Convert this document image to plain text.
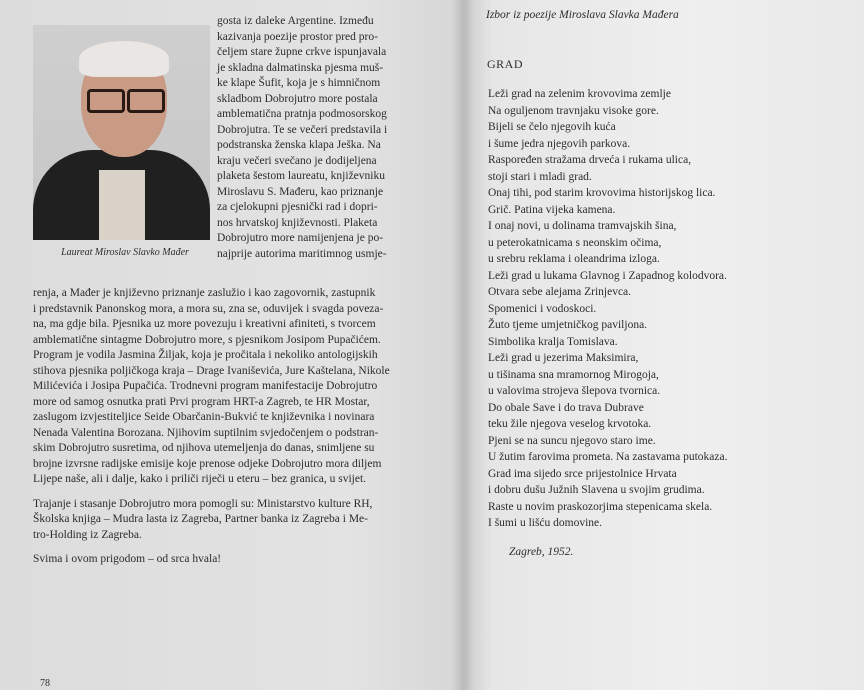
Laureat Miroslav Slavko Mađer
gosta iz daleke Argentine. Između
kazivanja poezije prostor pred pro-
čeljem stare župne crkve ispunjavala
je skladna dalmatinska pjesma muš-
ke klape Šufit, koja je s himničnom
skladbom Dobrojutro more postala
amblematična pratnja podmosorskog
Dobrojutra. Te se večeri predstavila i
podstranska ženska klapa Ješka. Na
kraju večeri svečano je dodijeljena
plaketa šestom laureatu, književniku
Miroslavu S. Mađeru, kao priznanje
za cjelokupni pjesnički rad i dopri-
nos hrvatskoj književnosti. Plaketa
Dobrojutro more namijenjena je po-
najprije autorima maritimnog usmje-
renja, a Mađer je književno priznanje zaslužio i kao zagovornik, zastupnik
i predstavnik Panonskog mora, a mora su, zna se, oduvijek i svagda poveza-
na, ma gdje bila. Pjesnika uz more povezuju i kreativni afiniteti, s tvorcem
amblematične sintagme Dobrojutro more, s pjesnikom Josipom Pupačićem.
Program je vodila Jasmina Žiljak, koja je pročitala i nekoliko antologijskih
stihova pjesnika poljičkoga kraja – Drage Ivaniševića, Jure Kaštelana, Nikole
Milićevića i Josipa Pupačića. Trodnevni program manifestacije Dobrojutro
more od samog osnutka prati Prvi program HRT-a Zagreb, te HR Mostar,
zaslugom izvjestiteljice Seide Obarčanin-Bukvić te književnika i novinara
Nenada Valentina Borozana. Njihovim suptilnim svjedočenjem o podstran-
skim Dobrojutro susretima, od njihova utemeljenja do danas, snimljene su
brojne izvrsne radijske emisije koje prenose odjeke Dobrojutro mora diljem
Lijepe naše, ali i dalje, kako i priliči riječi u eteru – bez granica, u svijet.
Trajanje i stasanje Dobrojutro mora pomogli su: Ministarstvo kulture RH,
Školska knjiga – Mudra lasta iz Zagreba, Partner banka iz Zagreba i Me-
tro-Holding iz Zagreba.
Svima i ovom prigodom – od srca hvala!
78
Izbor iz poezije Miroslava Slavka Mađera
GRAD
Leži grad na zelenim krovovima zemlje
Na oguljenom travnjaku visoke gore.
Bijeli se čelo njegovih kuća
i šume jedra njegovih parkova.
Raspoređen stražama drveća i rukama ulica,
stoji stari i mladi grad.
Onaj tihi, pod starim krovovima historijskog lica.
Grič. Patina vijeka kamena.
I onaj novi, u dolinama tramvajskih šina,
u peterokatnicama s neonskim očima,
u srebru reklama i oleandrima izloga.
Leži grad u lukama Glavnog i Zapadnog kolodvora.
Otvara sebe alejama Zrinjevca.
Spomenici i vodoskoci.
Žuto tjeme umjetničkog paviljona.
Simbolika kralja Tomislava.
Leži grad u jezerima Maksimira,
u tišinama sna mramornog Mirogoja,
u valovima strojeva šlepova tvornica.
Do obale Save i do trava Dubrave
teku žile njegova veselog krvotoka.
Pjeni se na suncu njegovo staro ime.
U žutim farovima prometa. Na zastavama putokaza.
Grad ima sijedo srce prijestolnice Hrvata
i dobru dušu Južnih Slavena u svojim grudima.
Raste u novim praskozorjima stepenicama skela.
I šumi u lišću domovine.
Zagreb, 1952.
